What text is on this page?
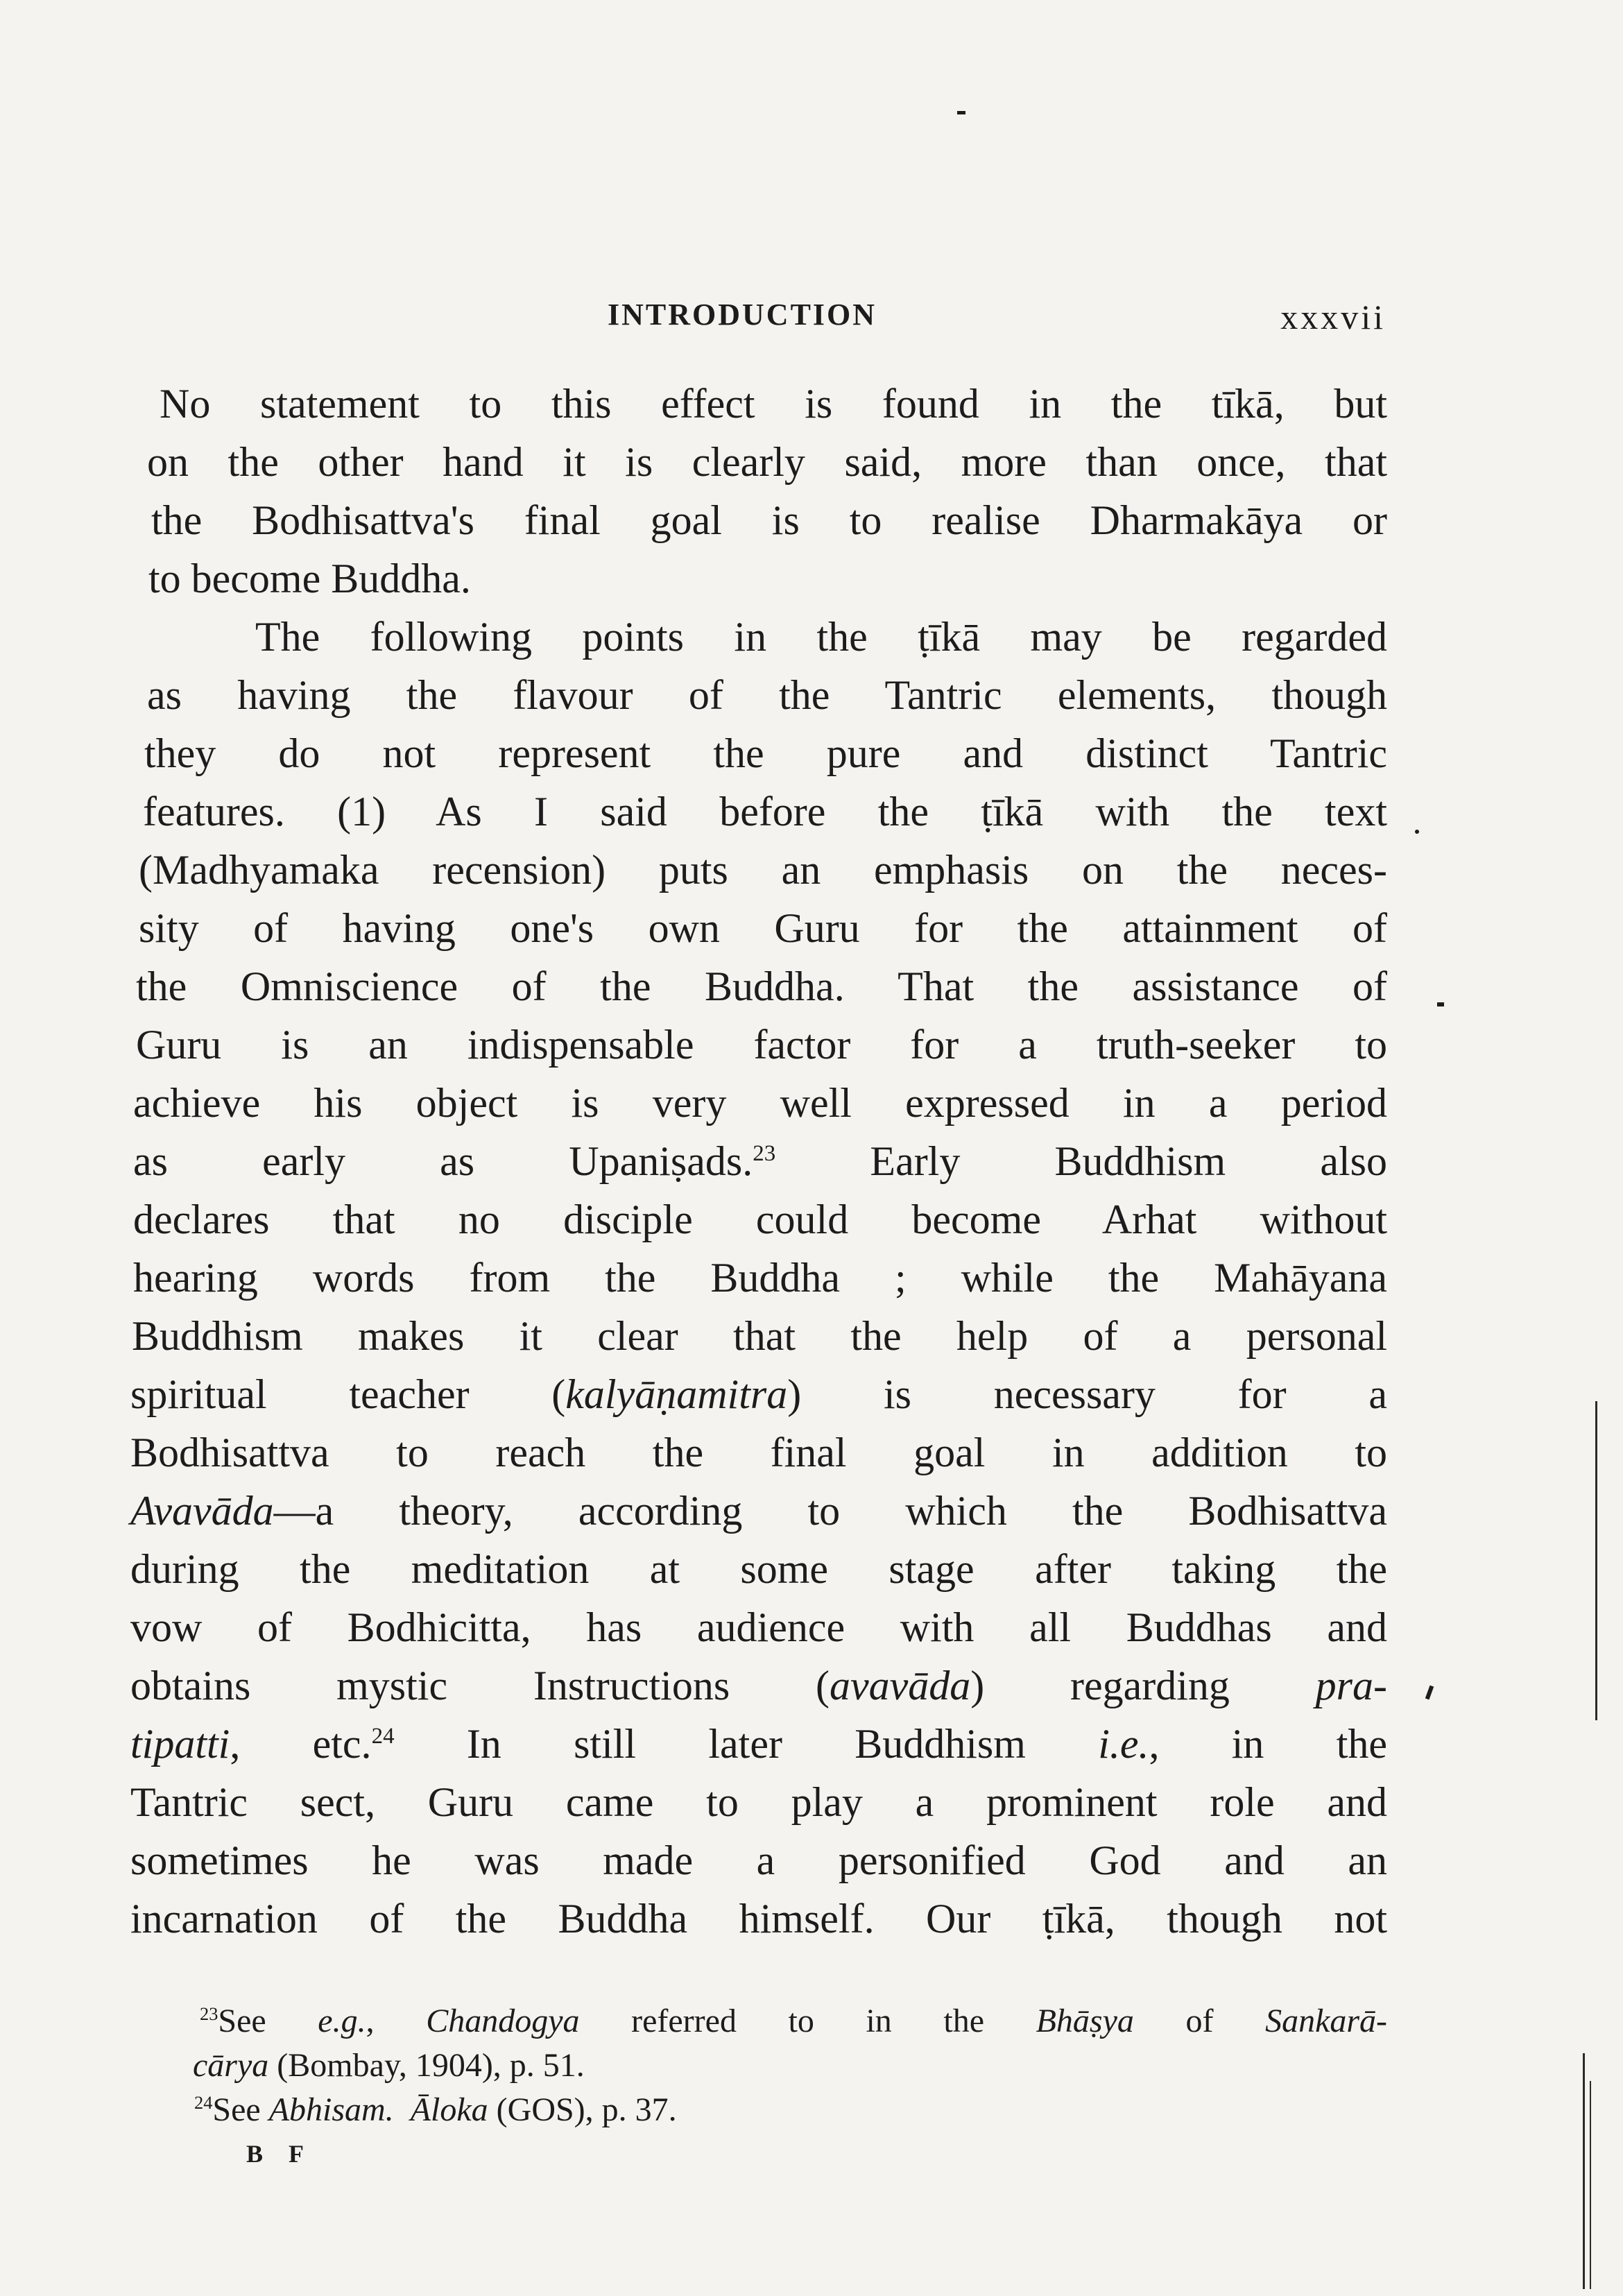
INTRODUCTION	xxxvii
No statement to this effect is found in the tīkā, but
on the other hand it is clearly said, more than once, that
the Bodhisattva's final goal is to realise Dharmakāya or
to become Buddha.
The following points in the ṭīkā may be regarded
as having the flavour of the Tantric elements, though
they do not represent the pure and distinct Tantric
features. (1) As I said before the ṭīkā with the text
(Madhyamaka recension) puts an emphasis on the neces-
sity of having one's own Guru for the attainment of
the Omniscience of the Buddha. That the assistance of
Guru is an indispensable factor for a truth-seeker to
achieve his object is very well expressed in a period
as early as Upaniṣads.$^{23}$ Early Buddhism also
declares that no disciple could become Arhat without
hearing words from the Buddha ; while the Mahāyana
Buddhism makes it clear that the help of a personal
spiritual teacher (kalyāṇamitra) is necessary for a
Bodhisattva to reach the final goal in addition to
Avavāda—a theory, according to which the Bodhisattva
during the meditation at some stage after taking the
vow of Bodhicitta, has audience with all Buddhas and
obtains mystic Instructions (avavāda) regarding pra-
tipatti, etc.$^{24}$ In still later Buddhism i.e., in the
Tantric sect, Guru came to play a prominent role and
sometimes he was made a personified God and an
incarnation of the Buddha himself. Our ṭīkā, though not
$^{23}$See e.g., Chandogya referred to in the Bhāṣya of Sankarā-
cārya (Bombay, 1904), p. 51.
$^{24}$See Abhisam. Āloka (GOS), p. 37.
B F
